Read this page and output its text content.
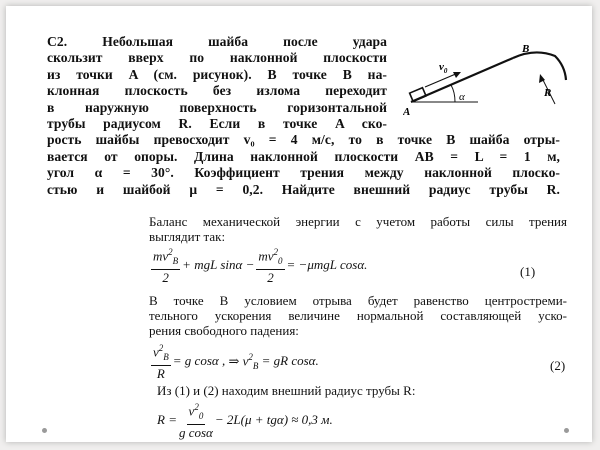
С2.	Небольшая шайба после удара
скользит вверх по наклонной плоскости
из точки A (см. рисунок). В точке B на-
клонная плоскость без излома переходит
в наружную поверхность горизонтальной
трубы радиусом R. Если в точке A ско-
рость шайбы превосходит v₀ = 4 м/с, то в точке B шайба отры-
вается от опоры. Длина наклонной плоскости AB = L = 1 м,
угол α = 30°. Коэффициент трения между наклонной плоско-
стью и шайбой μ = 0,2. Найдите внешний радиус трубы R.
$v_0$
α
A
B
R
Баланс механической энергии с учетом работы силы трения
выглядит так:
$\frac{mv^2_B}{2}$ + mgL $\sin\alpha - \frac{mv^2_0}{2} = -\mu mgL$ cosα.	(1)
В точке B условием отрыва будет равенство центростреми-
тельного ускорения величине нормальной составляющей уско-
рения свободного падения:
$\frac{v^2_B}{R} = g$ cosα ,
⇒ $v^2_B$
= gR cosα.	(2)
Из (1) и (2) находим внешний радиус трубы R:
$R = \frac{v^2_0}{\text{g cosα}} - 2L(\mu + tg\alpha) \approx 0,3$ м.
